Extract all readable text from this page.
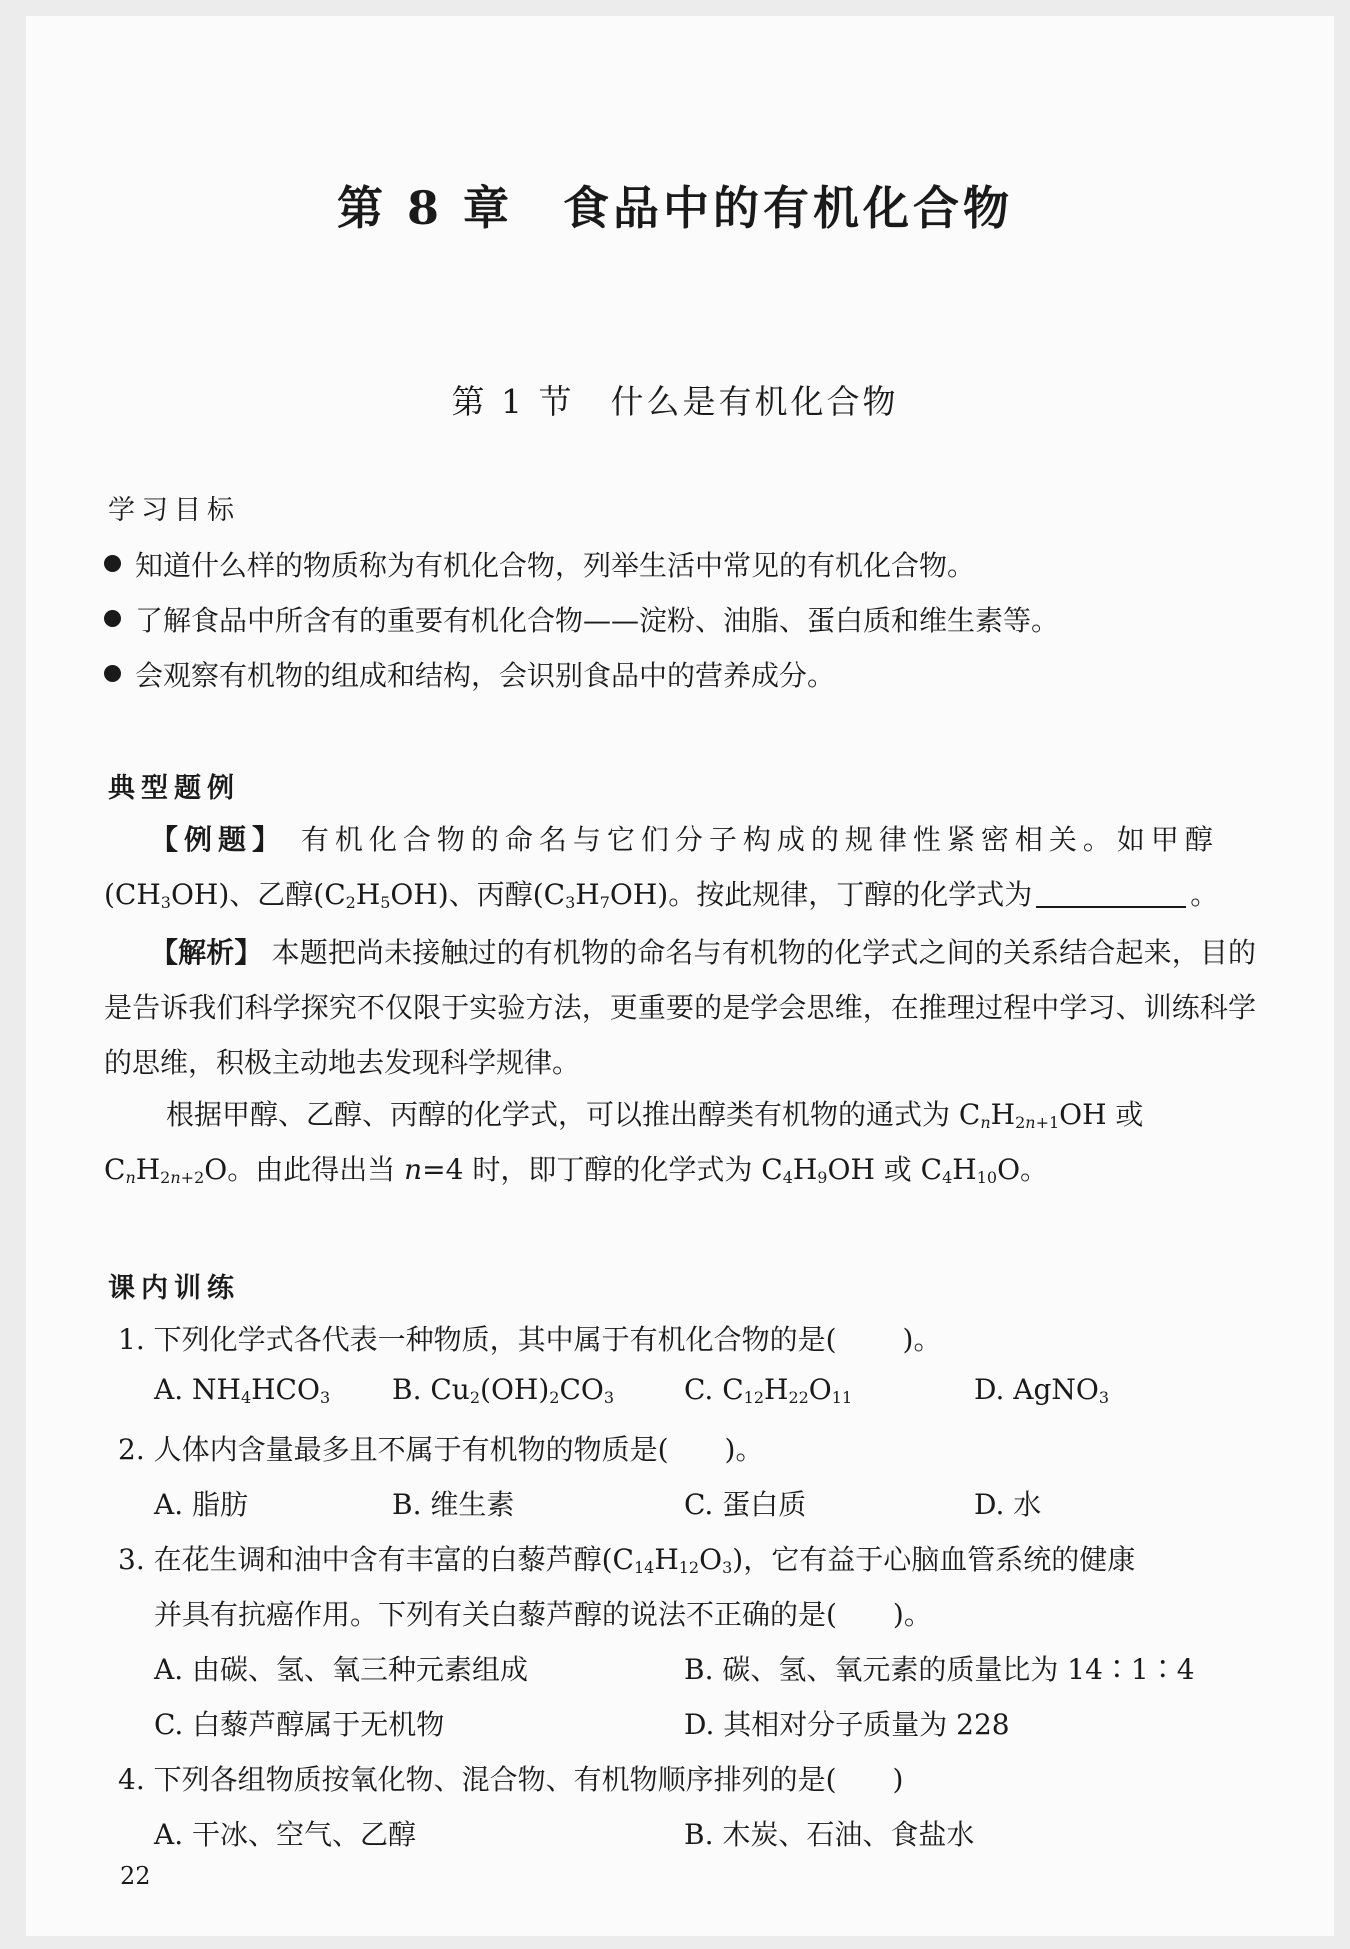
第 8 章　食品中的有机化合物
第 1 节　什么是有机化合物
学习目标
知道什么样的物质称为有机化合物，列举生活中常见的有机化合物。
了解食品中所含有的重要有机化合物——淀粉、油脂、蛋白质和维生素等。
会观察有机物的组成和结构，会识别食品中的营养成分。
典型题例
【例题】 有机化合物的命名与它们分子构成的规律性紧密相关。如甲醇
$(CH_3OH)$、乙醇$(C_2H_5OH)$、丙醇$(C_3H_7OH)$。按此规律，丁醇的化学式为	。
【解析】 本题把尚未接触过的有机物的命名与有机物的化学式之间的关系结合起来，目的是告诉我们科学探究不仅限于实验方法，更重要的是学会思维，在推理过程中学习、训练科学的思维，积极主动地去发现科学规律。
根据甲醇、乙醇、丙醇的化学式，可以推出醇类有机物的通式为 $C_nH_{2n+1}OH$ 或
$C_nH_{2n+2}O$。由此得出当 n=4 时，即丁醇的化学式为 $C_4H_9OH$ 或 $C_4H_{10}O$。
课内训练
1. 下列化学式各代表一种物质，其中属于有机化合物的是( )。
A. $NH_4HCO_3$ B. $Cu_2(OH)_2CO_3$ C. $C_{12}H_{22}O_{11}$	D. AgNO$_3$
2. 人体内含量最多且不属于有机物的物质是(　　)。
A. 脂肪	B. 维生素	C. 蛋白质	D. 水
3. 在花生调和油中含有丰富的白藜芦醇$(C_{14}H_{12}O_3)$，它有益于心脑血管系统的健康
并具有抗癌作用。下列有关白藜芦醇的说法不正确的是(　　)。
A. 由碳、氢、氧三种元素组成	B. 碳、氢、氧元素的质量比为 14∶1∶4
C. 白藜芦醇属于无机物	D. 其相对分子质量为 228
4. 下列各组物质按氧化物、混合物、有机物顺序排列的是(　　)
A. 干冰、空气、乙醇	B. 木炭、石油、食盐水
22
